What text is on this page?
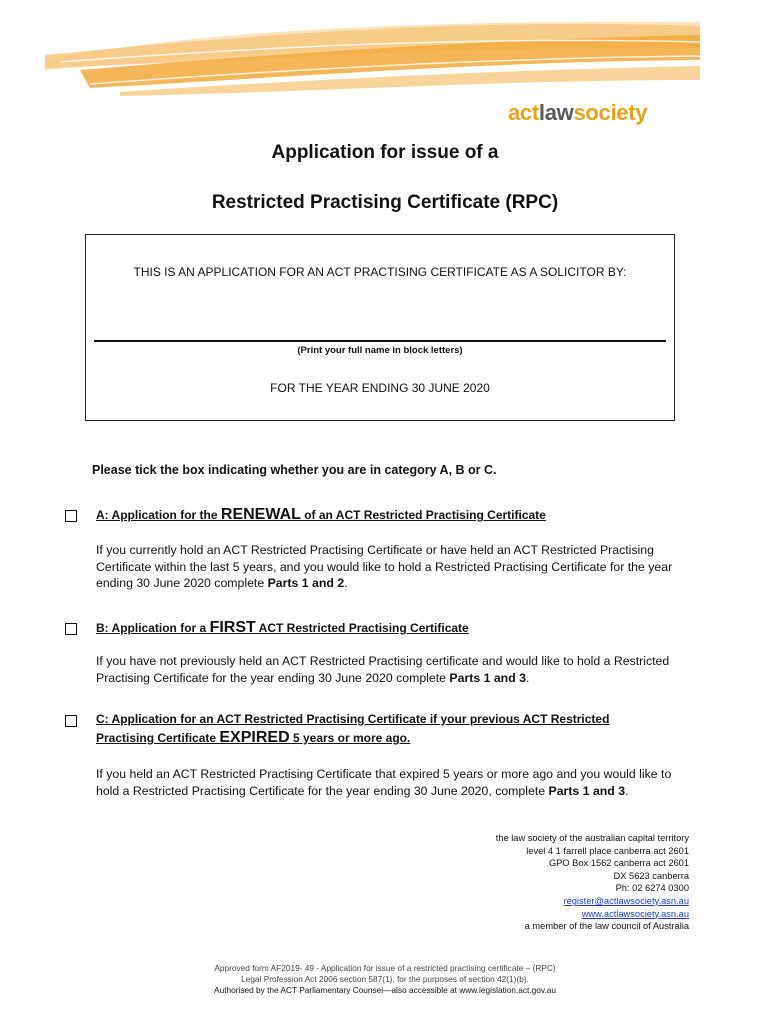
actlawsociety
Application for issue of a
Restricted Practising Certificate (RPC)
THIS IS AN APPLICATION FOR AN ACT PRACTISING CERTIFICATE AS A SOLICITOR BY:
(Print your full name in block letters)
FOR THE YEAR ENDING 30 JUNE 2020
Please tick the box indicating whether you are in category A, B or C.
A: Application for the RENEWAL of an ACT Restricted Practising Certificate
If you currently hold an ACT Restricted Practising Certificate or have held an ACT Restricted Practising Certificate within the last 5 years, and you would like to hold a Restricted Practising Certificate for the year ending 30 June 2020 complete Parts 1 and 2.
B: Application for a FIRST ACT Restricted Practising Certificate
If you have not previously held an ACT Restricted Practising certificate and would like to hold a Restricted Practising Certificate for the year ending 30 June 2020 complete Parts 1 and 3.
C: Application for an ACT Restricted Practising Certificate if your previous ACT Restricted
Practising Certificate EXPIRED 5 years or more ago.
If you held an ACT Restricted Practising Certificate that expired 5 years or more ago and you would like to hold a Restricted Practising Certificate for the year ending 30 June 2020, complete Parts 1 and 3.
the law society of the australian capital territory
level 4 1 farrell place canberra act 2601
GPO Box 1562 canberra act 2601
DX 5623 canberra
Ph: 02 6274 0300
register@actlawsociety.asn.au
www.actlawsociety.asn.au
a member of the law council of Australia
Approved form AF2019- 49 - Application for issue of a restricted practising certificate – (RPC)
Legal Profession Act 2006 section 587(1), for the purposes of section 42(1)(b).
Authorised by the ACT Parliamentary Counsel—also accessible at www.legislation.act.gov.au
